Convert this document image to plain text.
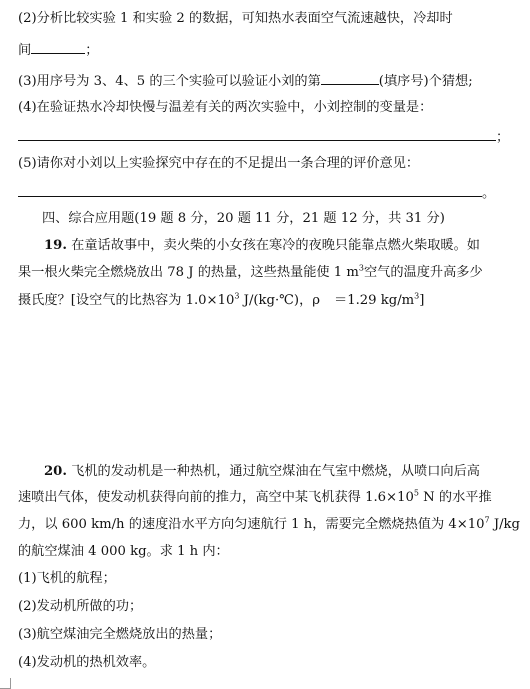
(2)分析比较实验 1 和实验 2 的数据，可知热水表面空气流速越快，冷却时
间	；
(3)用序号为 3、4、5 的三个实验可以验证小刘的第	(填序号)个猜想;
(4)在验证热水冷却快慢与温差有关的两次实验中，小刘控制的变量是：
；
(5)请你对小刘以上实验探究中存在的不足提出一条合理的评价意见：
。
四、综合应用题(19 题 8 分，20 题 11 分，21 题 12 分，共 31 分)
19. 在童话故事中，卖火柴的小女孩在寒冷的夜晚只能靠点燃火柴取暖。如
果一根火柴完全燃烧放出 78 J 的热量，这些热量能使 1 $m^3$空气的温度升高多少
摄氏度？[设空气的比热容为 $1.0\times 10^3$ J/(kg·℃)，ρ ＝1.29 $kg/m^3$]
20. 飞机的发动机是一种热机，通过航空煤油在气室中燃烧，从喷口向后高
速喷出气体，使发动机获得向前的推力，高空中某飞机获得 $1.6\times 10^5$ N 的水平推
力，以 600 km/h 的速度沿水平方向匀速航行 1 h，需要完全燃烧热值为 $4\times 10^7$ J/kg
的航空煤油 4 000 kg。求 1 h 内：
(1)飞机的航程；
(2)发动机所做的功；
(3)航空煤油完全燃烧放出的热量；
(4)发动机的热机效率。
